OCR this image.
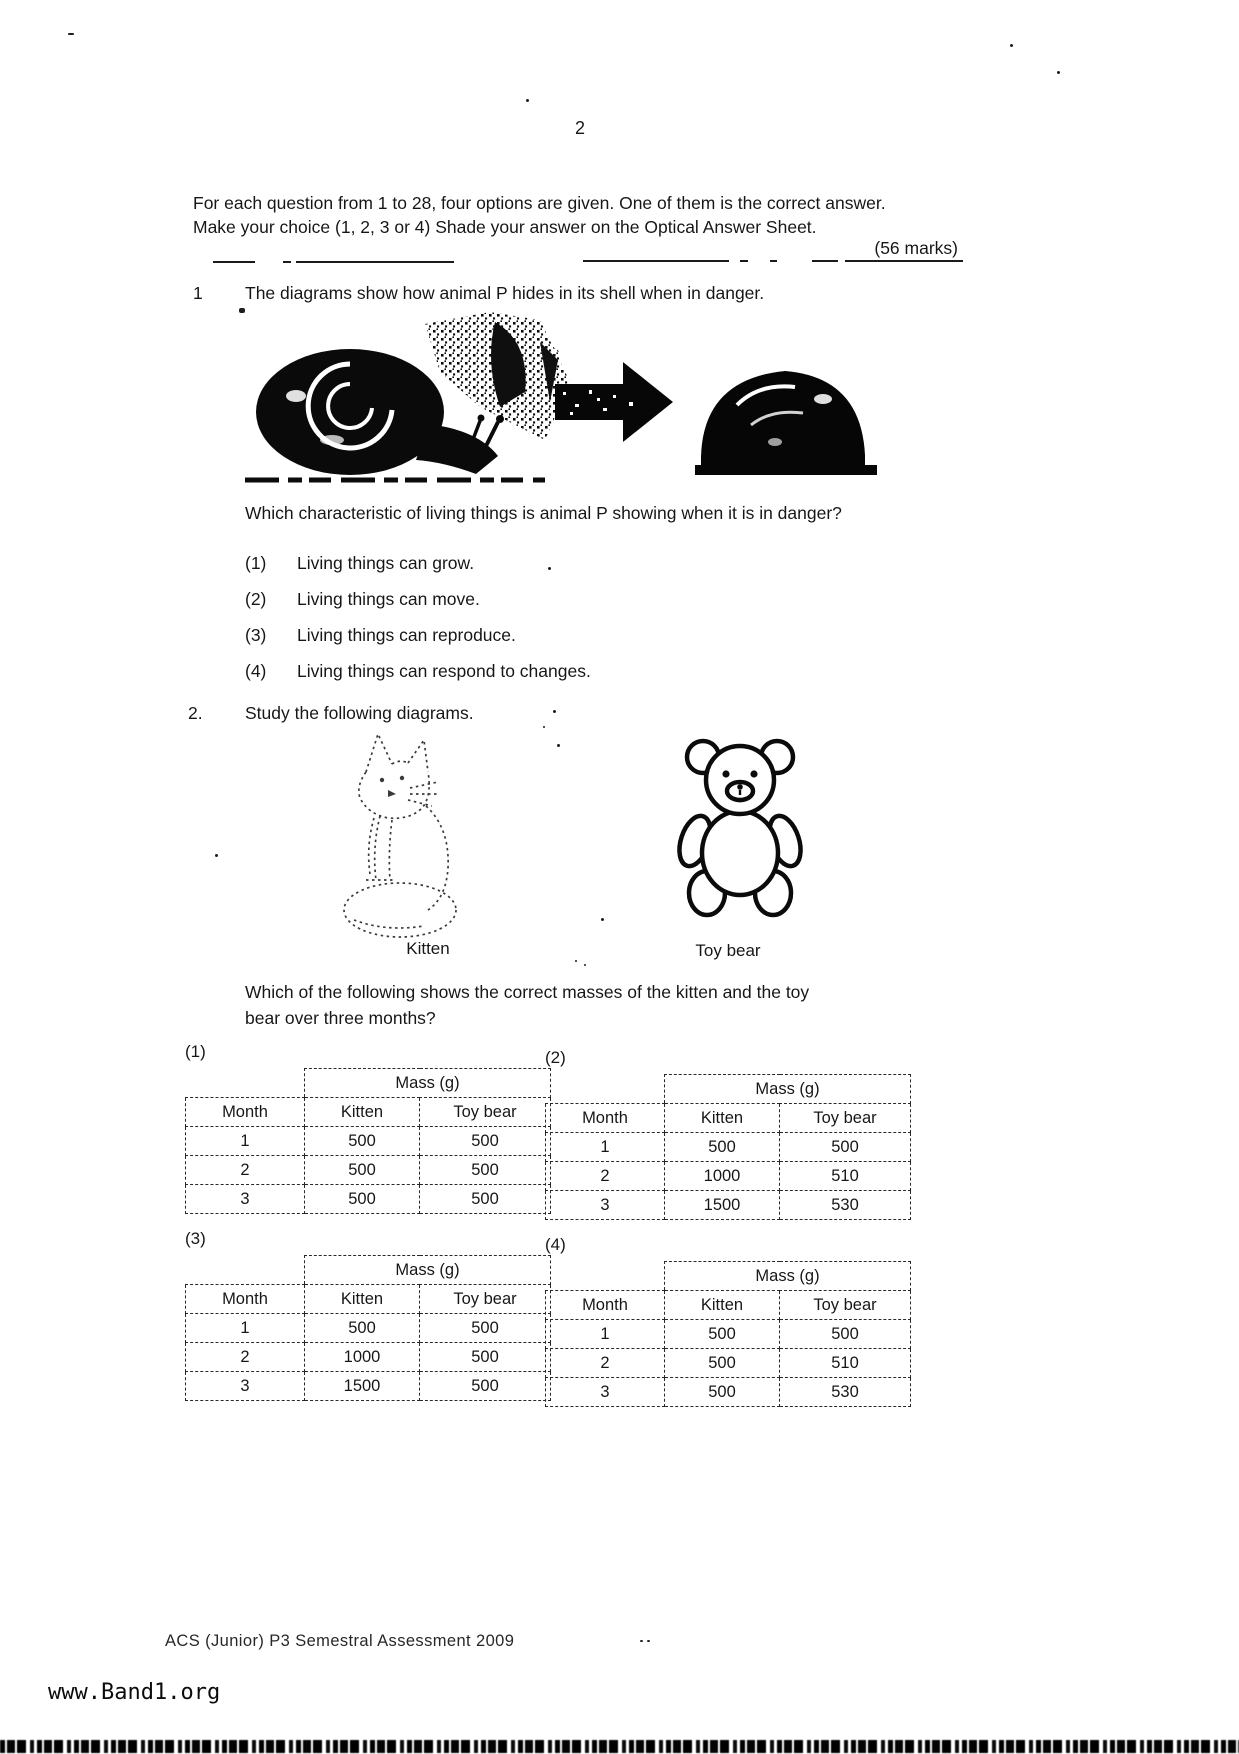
2
For each question from 1 to 28, four options are given. One of them is the correct answer.
Make your choice (1, 2, 3 or 4) Shade your answer on the Optical Answer Sheet.
(56 marks)
1 The diagrams show how animal P hides in its shell when in danger.
Which characteristic of living things is animal P showing when it is in danger?
(1) Living things can grow.
(2) Living things can move.
(3) Living things can reproduce.
(4) Living things can respond to changes.
2. Study the following diagrams.
Kitten	Toy bear
Which of the following shows the correct masses of the kitten and the toy
bear over three months?
(1)
	Mass (g)	
Month	Kitten	Toy bear
1	500	500
2	500	500
3	500	500
(2)
	Mass (g)	
Month	Kitten	Toy bear
1	500	500
2	1000	510
3	1500	530
(3)
	Mass (g)	
Month	Kitten	Toy bear
1	500	500
2	1000	500
3	1500	500
(4)
	Mass (g)	
Month	Kitten	Toy bear
1	500	500
2	500	510
3	500	530
ACS (Junior) P3 Semestral Assessment 2009
www.Band1.org
